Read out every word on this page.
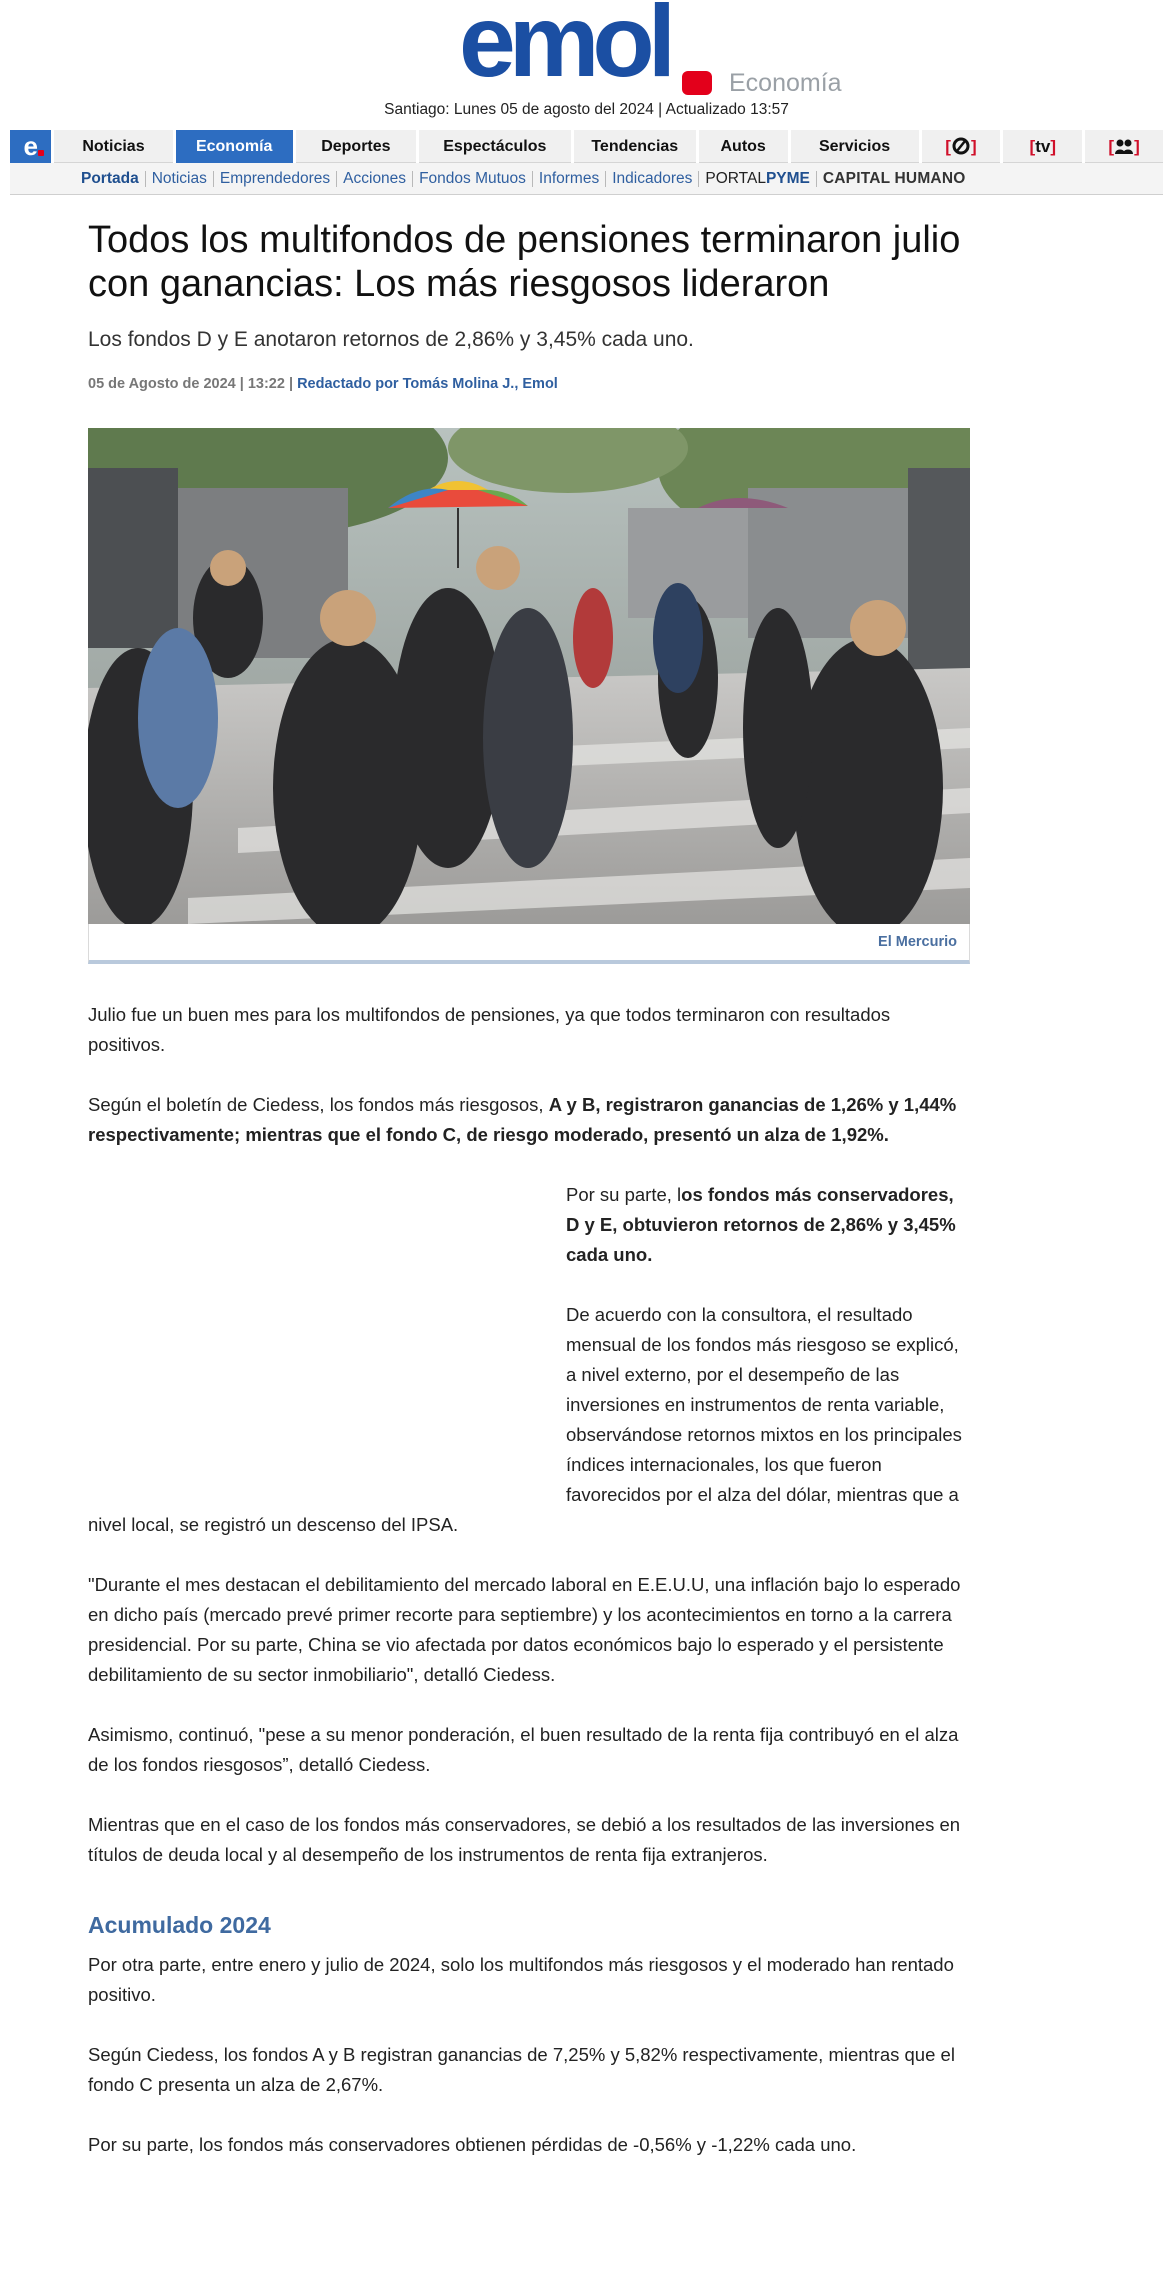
emol Economía
Santiago: Lunes 05 de agosto del 2024 | Actualizado 13:57
e	Noticias	Economía	Deportes	Espectáculos	Tendencias	Autos	Servicios	[ ]	[tv]	[ ]
Portada Noticias Emprendedores Acciones Fondos Mutuos Informes Indicadores PORTALPYME CAPITAL HUMANO
Todos los multifondos de pensiones terminaron julio con ganancias: Los más riesgosos lideraron
Los fondos D y E anotaron retornos de 2,86% y 3,45% cada uno.
05 de Agosto de 2024 | 13:22 | Redactado por Tomás Molina J., Emol
El Mercurio

Julio fue un buen mes para los multifondos de pensiones, ya que todos terminaron con resultados positivos.

Según el boletín de Ciedess, los fondos más riesgosos, A y B, registraron ganancias de 1,26% y 1,44% respectivamente; mientras que el fondo C, de riesgo moderado, presentó un alza de 1,92%.

Por su parte, los fondos más conservadores, D y E, obtuvieron retornos de 2,86% y 3,45% cada uno.

De acuerdo con la consultora, el resultado mensual de los fondos más riesgoso se explicó, a nivel externo, por el desempeño de las inversiones en instrumentos de renta variable, observándose retornos mixtos en los principales índices internacionales, los que fueron favorecidos por el alza del dólar, mientras que a nivel local, se registró un descenso del IPSA.

"Durante el mes destacan el debilitamiento del mercado laboral en E.E.U.U, una inflación bajo lo esperado en dicho país (mercado prevé primer recorte para septiembre) y los acontecimientos en torno a la carrera presidencial. Por su parte, China se vio afectada por datos económicos bajo lo esperado y el persistente debilitamiento de su sector inmobiliario", detalló Ciedess.

Asimismo, continuó, "pese a su menor ponderación, el buen resultado de la renta fija contribuyó en el alza de los fondos riesgosos”, detalló Ciedess.

Mientras que en el caso de los fondos más conservadores, se debió a los resultados de las inversiones en títulos de deuda local y al desempeño de los instrumentos de renta fija extranjeros.

Acumulado 2024

Por otra parte, entre enero y julio de 2024, solo los multifondos más riesgosos y el moderado han rentado positivo.

Según Ciedess, los fondos A y B registran ganancias de 7,25% y 5,82% respectivamente, mientras que el fondo C presenta un alza de 2,67%.

Por su parte, los fondos más conservadores obtienen pérdidas de -0,56% y -1,22% cada uno.
